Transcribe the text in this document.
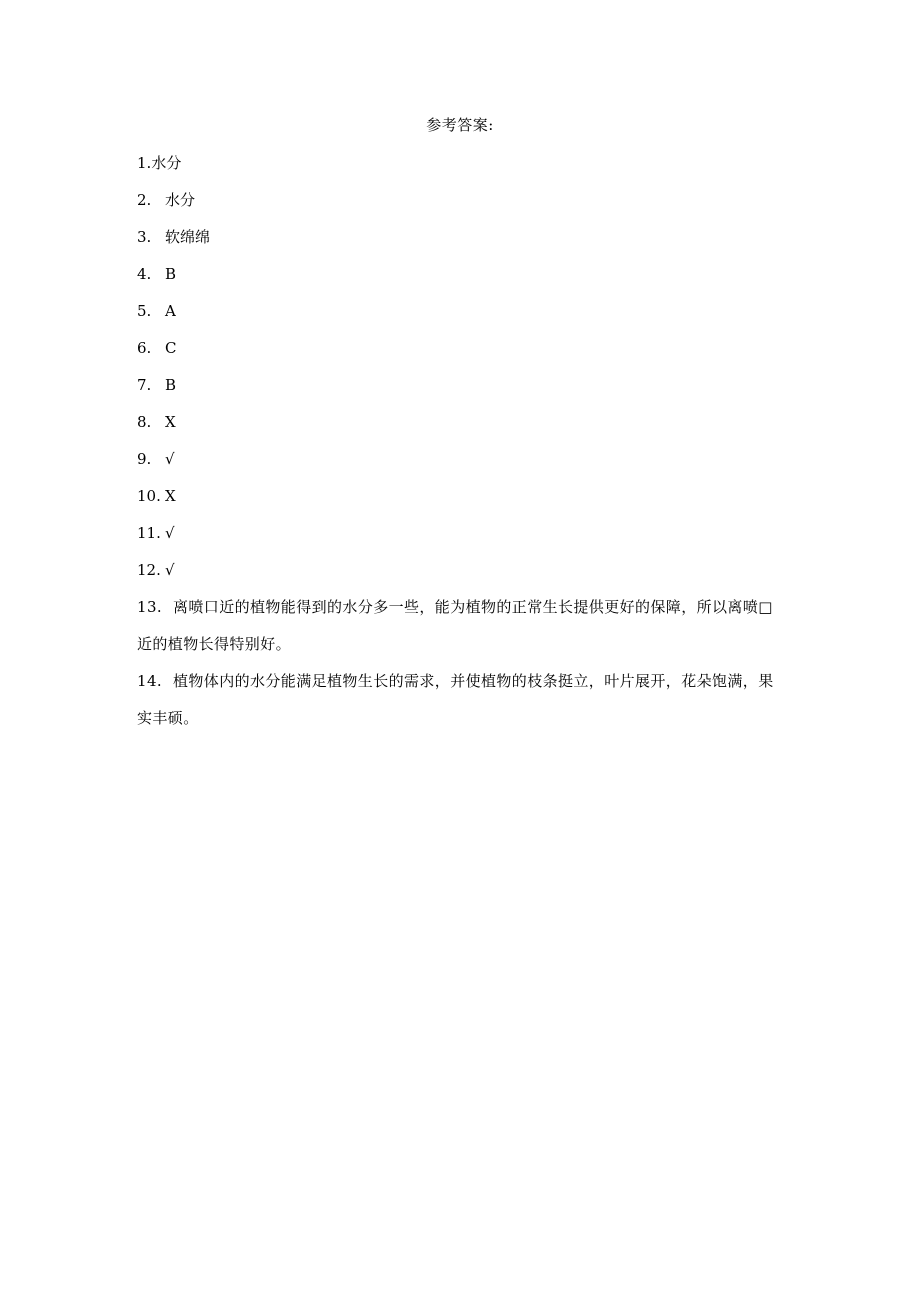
参考答案:
1.水分
2. 水分
3. 软绵绵
4. B
5. A
6. C
7. B
8. X
9. √
10. X
11. √
12. √
13. 离喷口近的植物能得到的水分多一些，能为植物的正常生长提供更好的保障，所以离喷□近的植物长得特别好。
14. 植物体内的水分能满足植物生长的需求，并使植物的枝条挺立，叶片展开，花朵饱满，果实丰硕。
